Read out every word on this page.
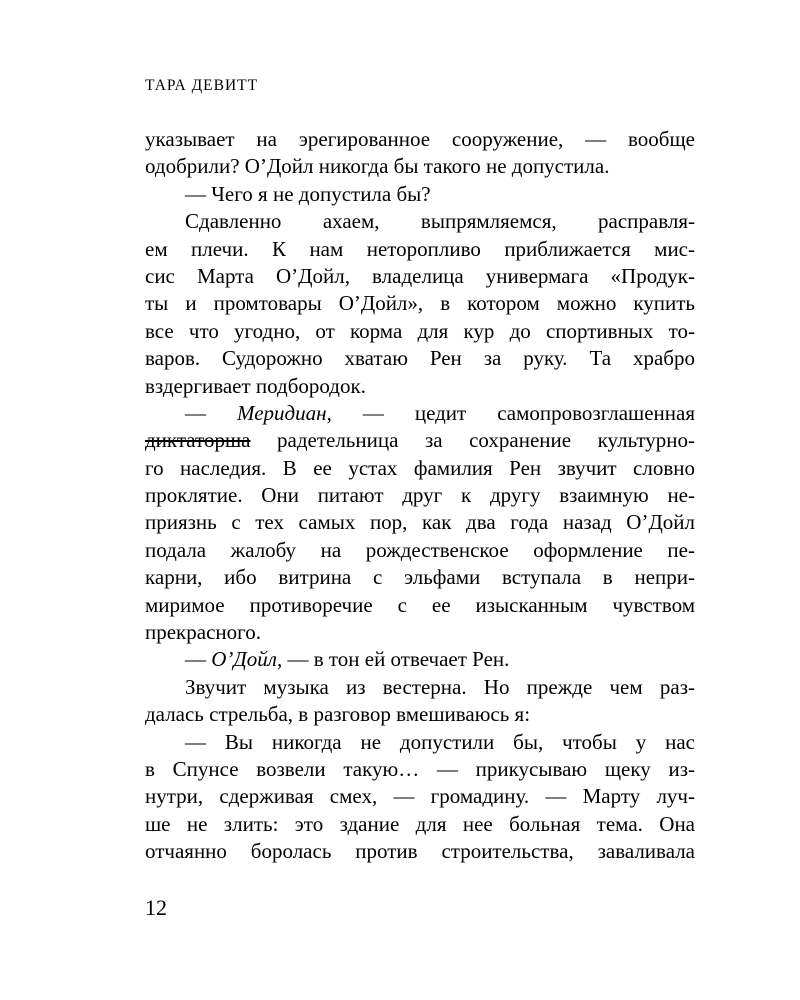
ТАРА ДЕВИТТ
указывает на эрегированное сооружение, — вообще
одобрили? О’Дойл никогда бы такого не допустила.
— Чего я не допустила бы?
Сдавленно ахаем, выпрямляемся, расправля-
ем плечи. К нам неторопливо приближается мис-
сис Марта О’Дойл, владелица универмага «Продук-
ты и промтовары О’Дойл», в котором можно купить
все что угодно, от корма для кур до спортивных то-
варов. Судорожно хватаю Рен за руку. Та храбро
вздергивает подбородок.
— Меридиан, — цедит самопровозглашенная
диктаторша радетельница за сохранение культурно-
го наследия. В ее устах фамилия Рен звучит словно
проклятие. Они питают друг к другу взаимную не-
приязнь с тех самых пор, как два года назад О’Дойл
подала жалобу на рождественское оформление пе-
карни, ибо витрина с эльфами вступала в непри-
миримое противоречие с ее изысканным чувством
прекрасного.
— О’Дойл, — в тон ей отвечает Рен.
Звучит музыка из вестерна. Но прежде чем раз-
далась стрельба, в разговор вмешиваюсь я:
— Вы никогда не допустили бы, чтобы у нас
в Спунсе возвели такую… — прикусываю щеку из-
нутри, сдерживая смех, — громадину. — Марту луч-
ше не злить: это здание для нее больная тема. Она
отчаянно боролась против строительства, заваливала
12
